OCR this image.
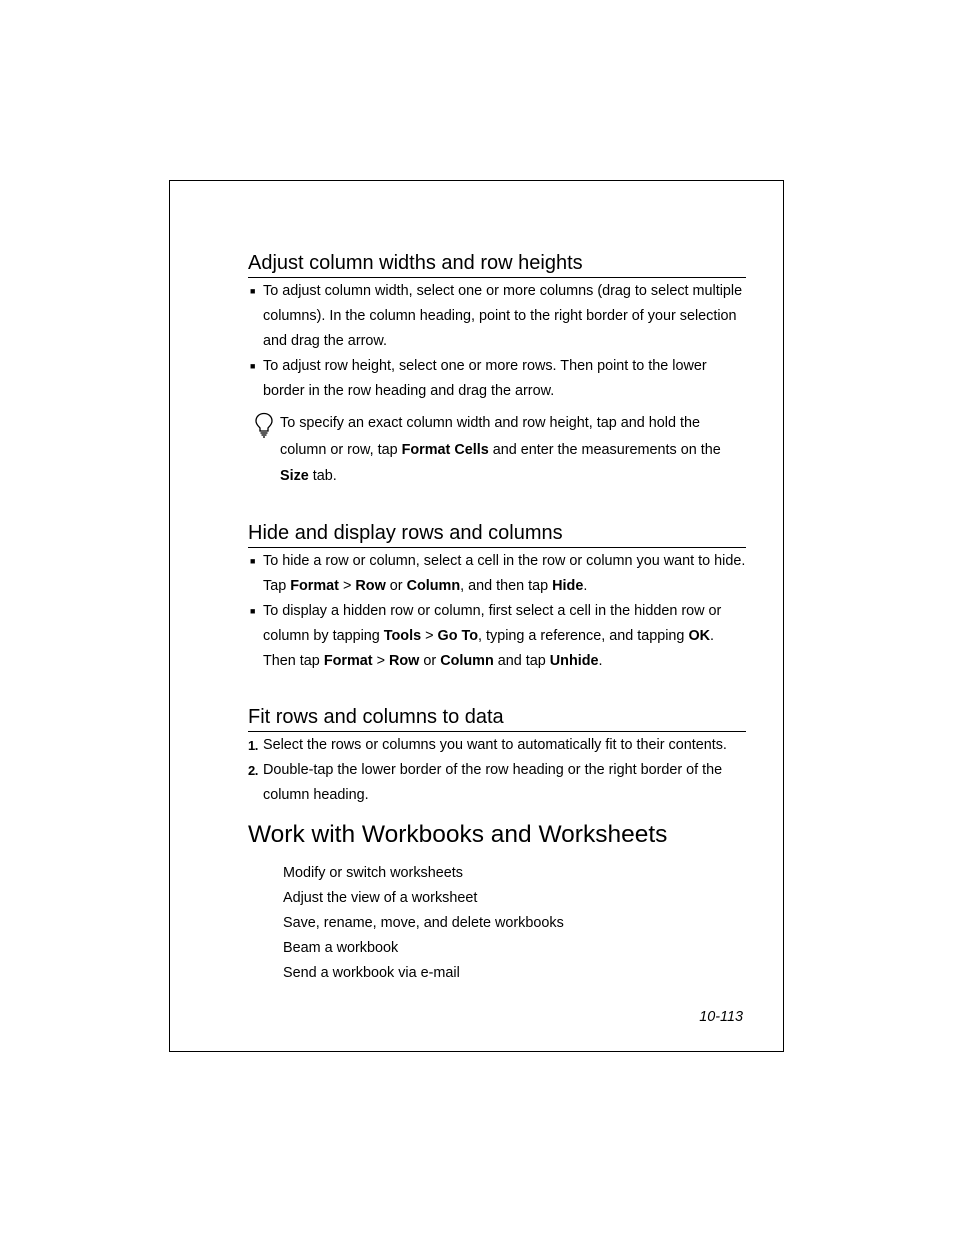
10-113
Adjust column widths and row heights
■ To adjust column width, select one or more columns (drag to select multiple columns). In the column heading, point to the right border of your selection and drag the arrow.
■ To adjust row height, select one or more rows. Then point to the lower border in the row heading and drag the arrow.
To specify an exact column width and row height, tap and hold the column or row, tap Format Cells and enter the measurements on the Size tab.
Hide and display rows and columns
■ To hide a row or column, select a cell in the row or column you want to hide. Tap Format > Row or Column, and then tap Hide.
■ To display a hidden row or column, first select a cell in the hidden row or column by tapping Tools > Go To, typing a reference, and tapping OK. Then tap Format > Row or Column and tap Unhide.
Fit rows and columns to data
1. Select the rows or columns you want to automatically fit to their contents.
2. Double-tap the lower border of the row heading or the right border of the column heading.
Work with Workbooks and Worksheets
Modify or switch worksheets
Adjust the view of a worksheet
Save, rename, move, and delete workbooks
Beam a workbook
Send a workbook via e-mail
